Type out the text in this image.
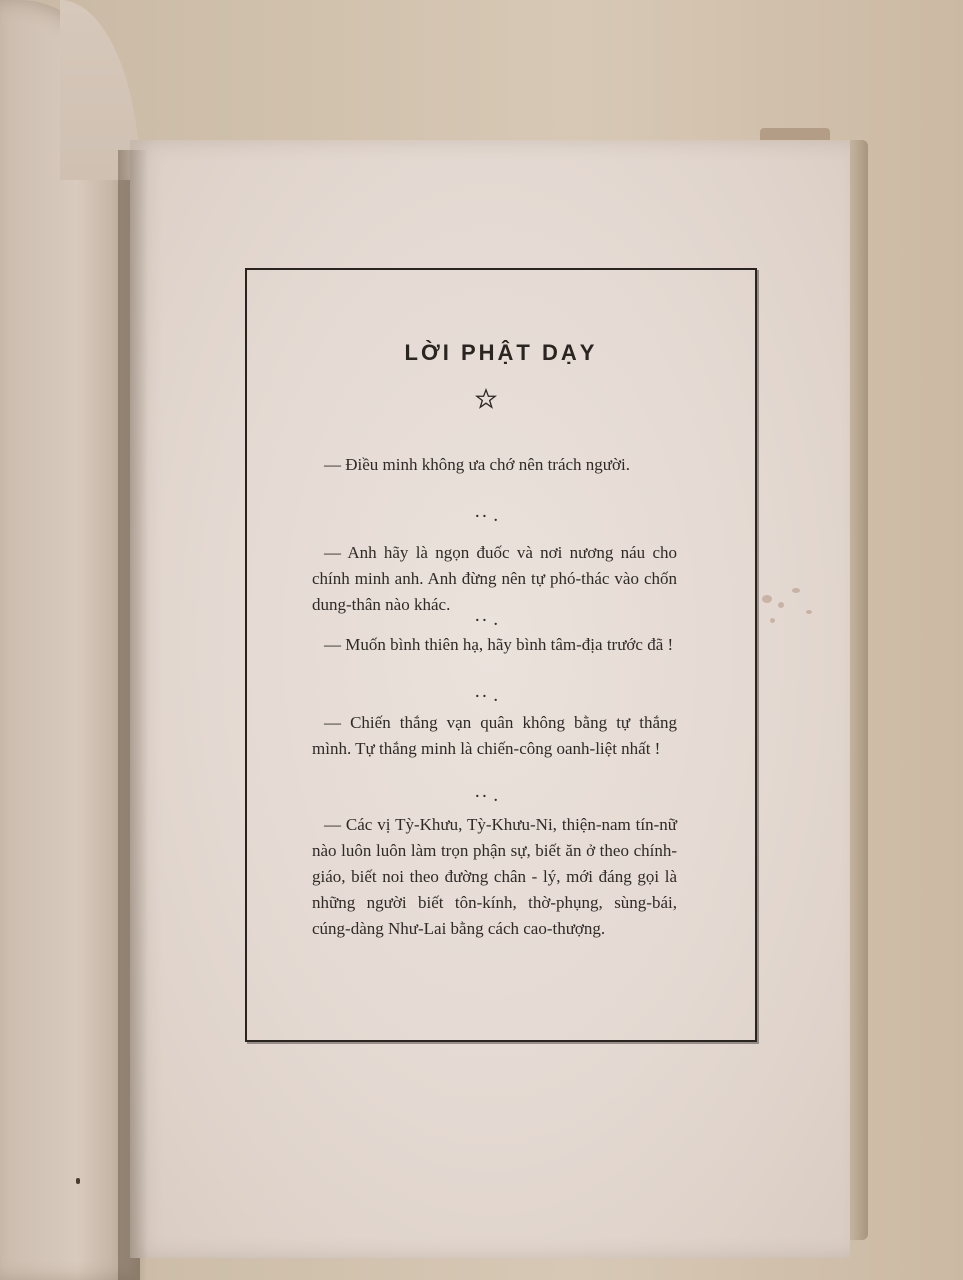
LỜI PHẬT DẠY
— Điều minh không ưa chớ nên trách người.
⠐⠂⠄
— Anh hãy là ngọn đuốc và nơi nương náu cho chính minh anh. Anh đừng nên tự phó-thác vào chốn dung-thân nào khác.
⠐⠂⠄
— Muốn bình thiên hạ, hãy bình tâm-địa trước đã !
⠐⠂⠄
— Chiến thắng vạn quân không bằng tự thắng mình. Tự thắng minh là chiến-công oanh-liệt nhất !
⠐⠂⠄
— Các vị Tỳ-Khưu, Tỳ-Khưu-Ni, thiện-nam tín-nữ nào luôn luôn làm trọn phận sự, biết ăn ở theo chính-giáo, biết noi theo đường chân - lý, mới đáng gọi là những người biết tôn-kính, thờ-phụng, sùng-bái, cúng-dàng Như-Lai bằng cách cao-thượng.
